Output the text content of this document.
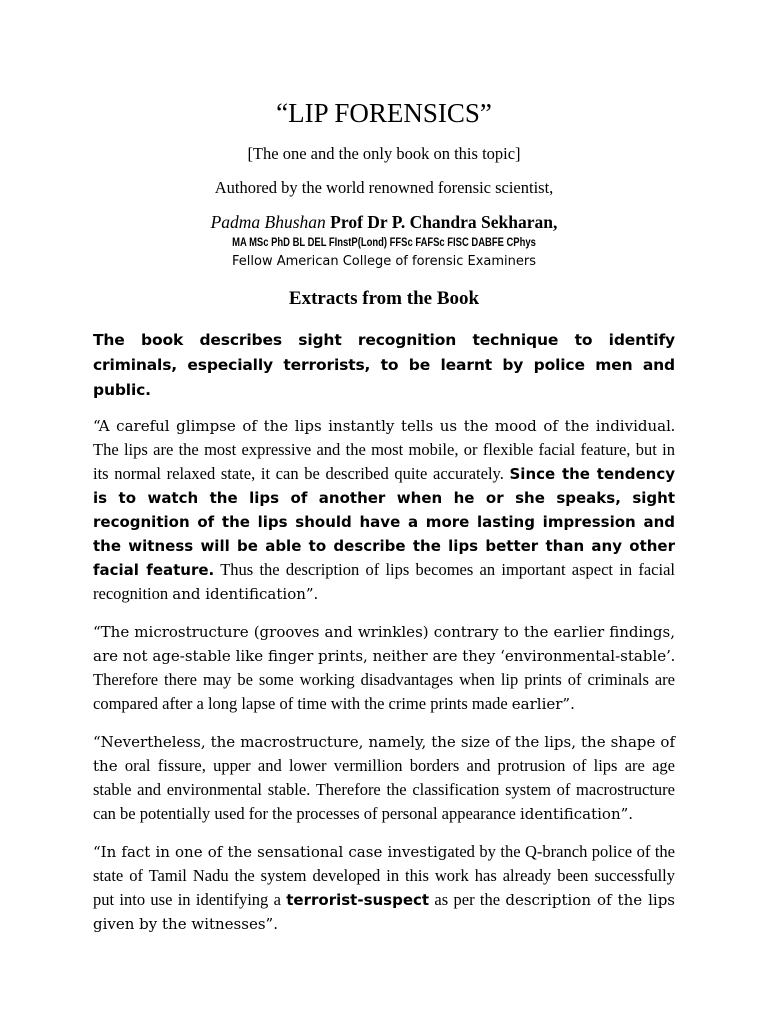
“LIP FORENSICS”

[The one and the only book on this topic]

Authored by the world renowned forensic scientist,

Padma Bhushan Prof Dr P. Chandra Sekharan,

MA MSc PhD BL DEL FInstP(Lond) FFSc FAFSc FISC DABFE CPhys

Fellow American College of forensic Examiners

Extracts from the Book

The book describes sight recognition technique to identify criminals, especially terrorists, to be learnt by police men and public.

“A careful glimpse of the lips instantly tells us the mood of the individual. The lips are the most expressive and the most mobile, or flexible facial feature, but in its normal relaxed state, it can be described quite accurately. Since the tendency is to watch the lips of another when he or she speaks, sight recognition of the lips should have a more lasting impression and the witness will be able to describe the lips better than any other facial feature. Thus the description of lips becomes an important aspect in facial recognition and identification”.

“The microstructure (grooves and wrinkles) contrary to the earlier findings, are not age-stable like finger prints, neither are they ‘environmental-stable’. Therefore there may be some working disadvantages when lip prints of criminals are compared after a long lapse of time with the crime prints made earlier”.

“Nevertheless, the macrostructure, namely, the size of the lips, the shape of the oral fissure, upper and lower vermillion borders and protrusion of lips are age stable and environmental stable. Therefore the classification system of macrostructure can be potentially used for the processes of personal appearance identification”.

“In fact in one of the sensational case investigated by the Q-branch police of the state of Tamil Nadu the system developed in this work has already been successfully put into use in identifying a terrorist-suspect as per the description of the lips given by the witnesses”.
